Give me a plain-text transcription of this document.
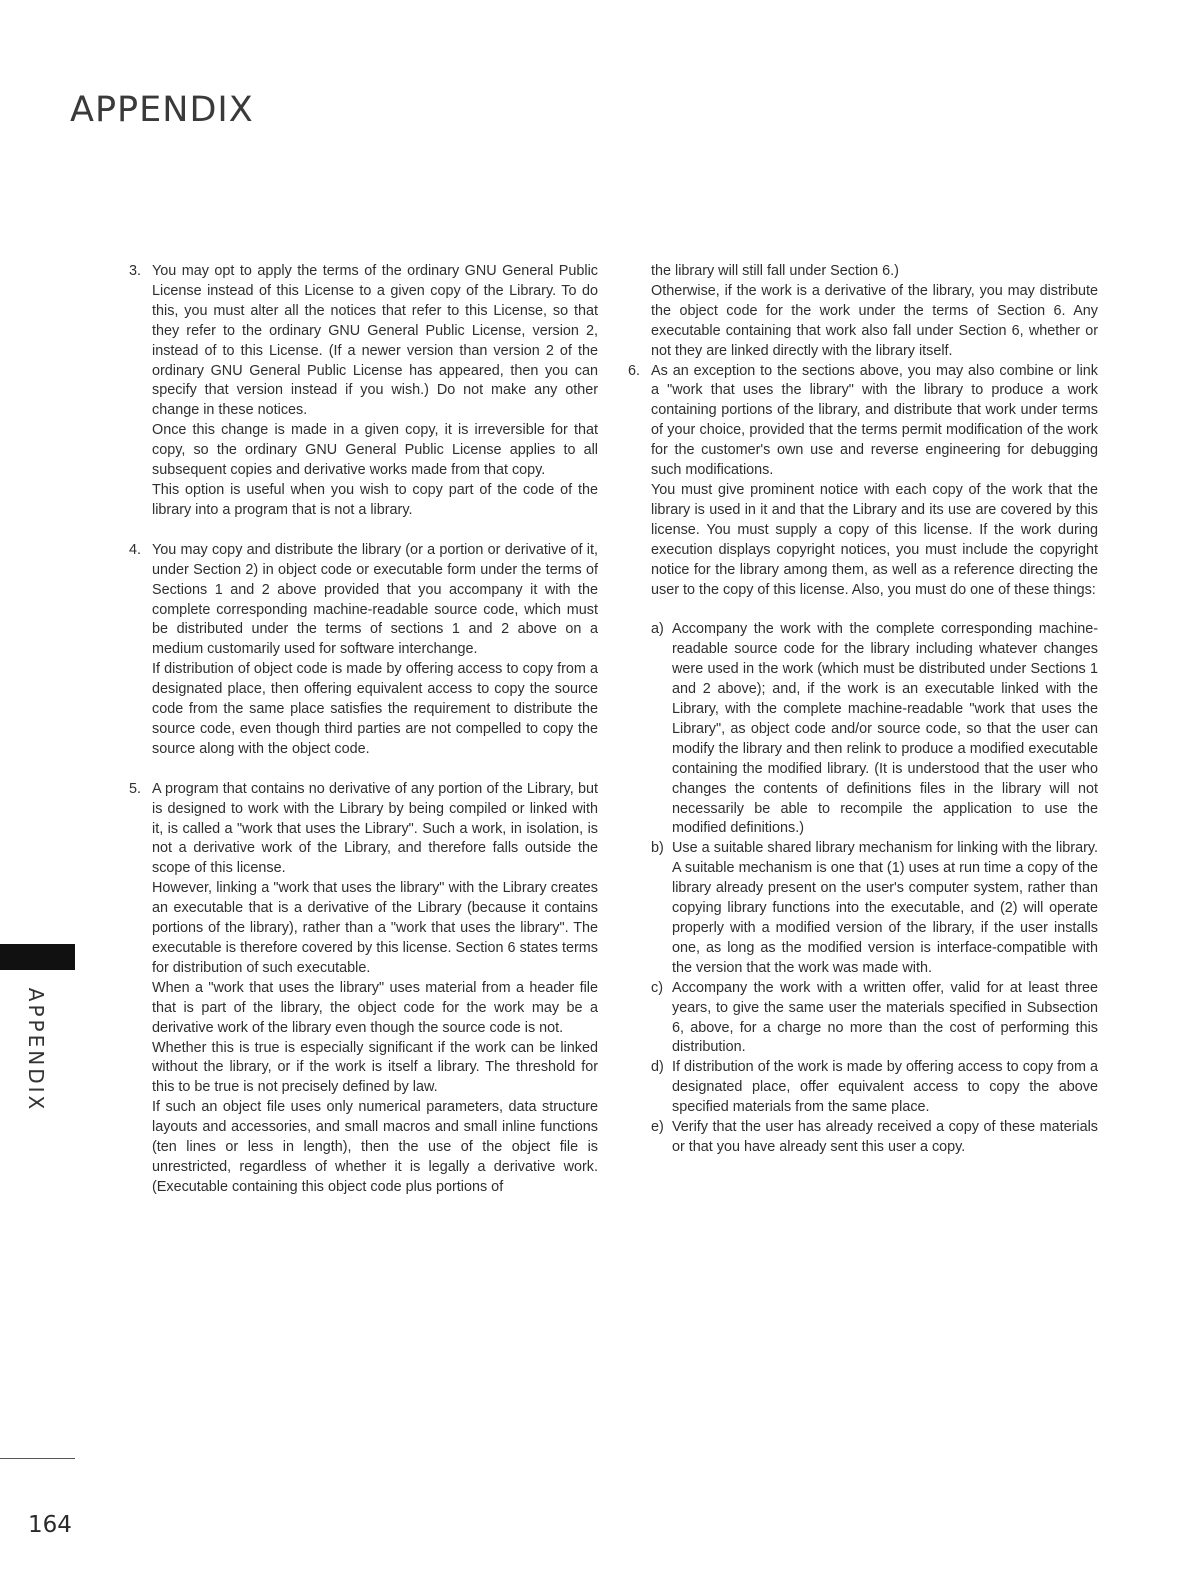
APPENDIX
APPENDIX
164
3. You may opt to apply the terms of the ordinary GNU General Public License instead of this License to a given copy of the Library. To do this, you must alter all the notices that refer to this License, so that they refer to the ordinary GNU General Public License, version 2, instead of to this License. (If a newer version than version 2 of the ordinary GNU General Public License has appeared, then you can specify that version instead if you wish.) Do not make any other change in these notices.

Once this change is made in a given copy, it is irreversible for that copy, so the ordinary GNU General Public License applies to all subsequent copies and derivative works made from that copy.

This option is useful when you wish to copy part of the code of the library into a program that is not a library.

4. You may copy and distribute the library (or a portion or derivative of it, under Section 2) in object code or executable form under the terms of Sections 1 and 2 above provided that you accompany it with the complete corresponding machine-readable source code, which must be distributed under the terms of sections 1 and 2 above on a medium customarily used for software interchange.

If distribution of object code is made by offering access to copy from a designated place, then offering equivalent access to copy the source code from the same place satisfies the requirement to distribute the source code, even though third parties are not compelled to copy the source along with the object code.

5. A program that contains no derivative of any portion of the Library, but is designed to work with the Library by being compiled or linked with it, is called a "work that uses the Library". Such a work, in isolation, is not a derivative work of the Library, and therefore falls outside the scope of this license.

However, linking a "work that uses the library" with the Library creates an executable that is a derivative of the Library (because it contains portions of the library), rather than a "work that uses the library". The executable is therefore covered by this license. Section 6 states terms for distribution of such executable.

When a "work that uses the library" uses material from a header file that is part of the library, the object code for the work may be a derivative work of the library even though the source code is not.

Whether this is true is especially significant if the work can be linked without the library, or if the work is itself a library. The threshold for this to be true is not precisely defined by law.

If such an object file uses only numerical parameters, data structure layouts and accessories, and small macros and small inline functions (ten lines or less in length), then the use of the object file is unrestricted, regardless of whether it is legally a derivative work. (Executable containing this object code plus portions of

the library will still fall under Section 6.)

Otherwise, if the work is a derivative of the library, you may distribute the object code for the work under the terms of Section 6. Any executable containing that work also fall under Section 6, whether or not they are linked directly with the library itself.

6. As an exception to the sections above, you may also combine or link a "work that uses the library" with the library to produce a work containing portions of the library, and distribute that work under terms of your choice, provided that the terms permit modification of the work for the customer's own use and reverse engineering for debugging such modifications.

You must give prominent notice with each copy of the work that the library is used in it and that the Library and its use are covered by this license. You must supply a copy of this license. If the work during execution displays copyright notices, you must include the copyright notice for the library among them, as well as a reference directing the user to the copy of this license. Also, you must do one of these things:

a) Accompany the work with the complete corresponding machine-readable source code for the library including whatever changes were used in the work (which must be distributed under Sections 1 and 2 above); and, if the work is an executable linked with the Library, with the complete machine-readable "work that uses the Library", as object code and/or source code, so that the user can modify the library and then relink to produce a modified executable containing the modified library. (It is understood that the user who changes the contents of definitions files in the library will not necessarily be able to recompile the application to use the modified definitions.)

b) Use a suitable shared library mechanism for linking with the library. A suitable mechanism is one that (1) uses at run time a copy of the library already present on the user's computer system, rather than copying library functions into the executable, and (2) will operate properly with a modified version of the library, if the user installs one, as long as the modified version is interface-compatible with the version that the work was made with.

c) Accompany the work with a written offer, valid for at least three years, to give the same user the materials specified in Subsection 6, above, for a charge no more than the cost of performing this distribution.

d) If distribution of the work is made by offering access to copy from a designated place, offer equivalent access to copy the above specified materials from the same place.

e) Verify that the user has already received a copy of these materials or that you have already sent this user a copy.
